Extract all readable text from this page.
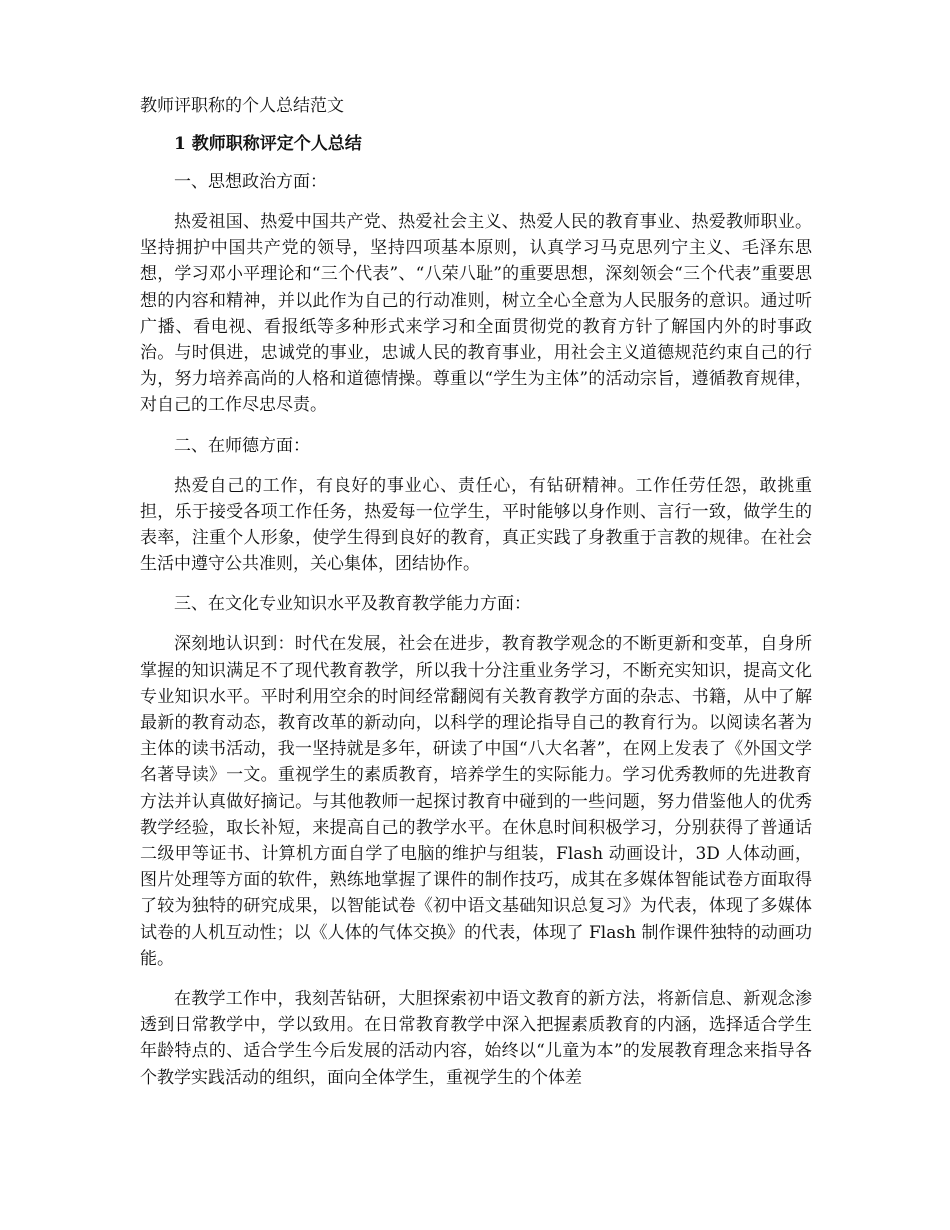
教师评职称的个人总结范文
1 教师职称评定个人总结
一、思想政治方面：

热爱祖国、热爱中国共产党、热爱社会主义、热爱人民的教育事业、热爱教师职业。坚持拥护中国共产党的领导，坚持四项基本原则，认真学习马克思列宁主义、毛泽东思想，学习邓小平理论和“三个代表”、“八荣八耻”的重要思想，深刻领会“三个代表”重要思想的内容和精神，并以此作为自己的行动准则，树立全心全意为人民服务的意识。通过听广播、看电视、看报纸等多种形式来学习和全面贯彻党的教育方针了解国内外的时事政治。与时俱进，忠诚党的事业，忠诚人民的教育事业，用社会主义道德规范约束自己的行为，努力培养高尚的人格和道德情操。尊重以“学生为主体”的活动宗旨，遵循教育规律，对自己的工作尽忠尽责。

二、在师德方面：

热爱自己的工作，有良好的事业心、责任心，有钻研精神。工作任劳任怨，敢挑重担，乐于接受各项工作任务，热爱每一位学生，平时能够以身作则、言行一致，做学生的表率，注重个人形象，使学生得到良好的教育，真正实践了身教重于言教的规律。在社会生活中遵守公共准则，关心集体，团结协作。

三、在文化专业知识水平及教育教学能力方面：

深刻地认识到：时代在发展，社会在进步，教育教学观念的不断更新和变革，自身所掌握的知识满足不了现代教育教学，所以我十分注重业务学习，不断充实知识，提高文化专业知识水平。平时利用空余的时间经常翻阅有关教育教学方面的杂志、书籍，从中了解最新的教育动态，教育改革的新动向，以科学的理论指导自己的教育行为。以阅读名著为主体的读书活动，我一坚持就是多年，研读了中国“八大名著”，在网上发表了《外国文学名著导读》一文。重视学生的素质教育，培养学生的实际能力。学习优秀教师的先进教育方法并认真做好摘记。与其他教师一起探讨教育中碰到的一些问题，努力借鉴他人的优秀教学经验，取长补短，来提高自己的教学水平。在休息时间积极学习，分别获得了普通话二级甲等证书、计算机方面自学了电脑的维护与组装，Flash 动画设计，3D 人体动画，图片处理等方面的软件，熟练地掌握了课件的制作技巧，成其在多媒体智能试卷方面取得了较为独特的研究成果，以智能试卷《初中语文基础知识总复习》为代表，体现了多媒体试卷的人机互动性；以《人体的气体交换》的代表，体现了 Flash 制作课件独特的动画功能。

在教学工作中，我刻苦钻研，大胆探索初中语文教育的新方法，将新信息、新观念渗透到日常教学中，学以致用。在日常教育教学中深入把握素质教育的内涵，选择适合学生年龄特点的、适合学生今后发展的活动内容，始终以“儿童为本”的发展教育理念来指导各个教学实践活动的组织，面向全体学生，重视学生的个体差
